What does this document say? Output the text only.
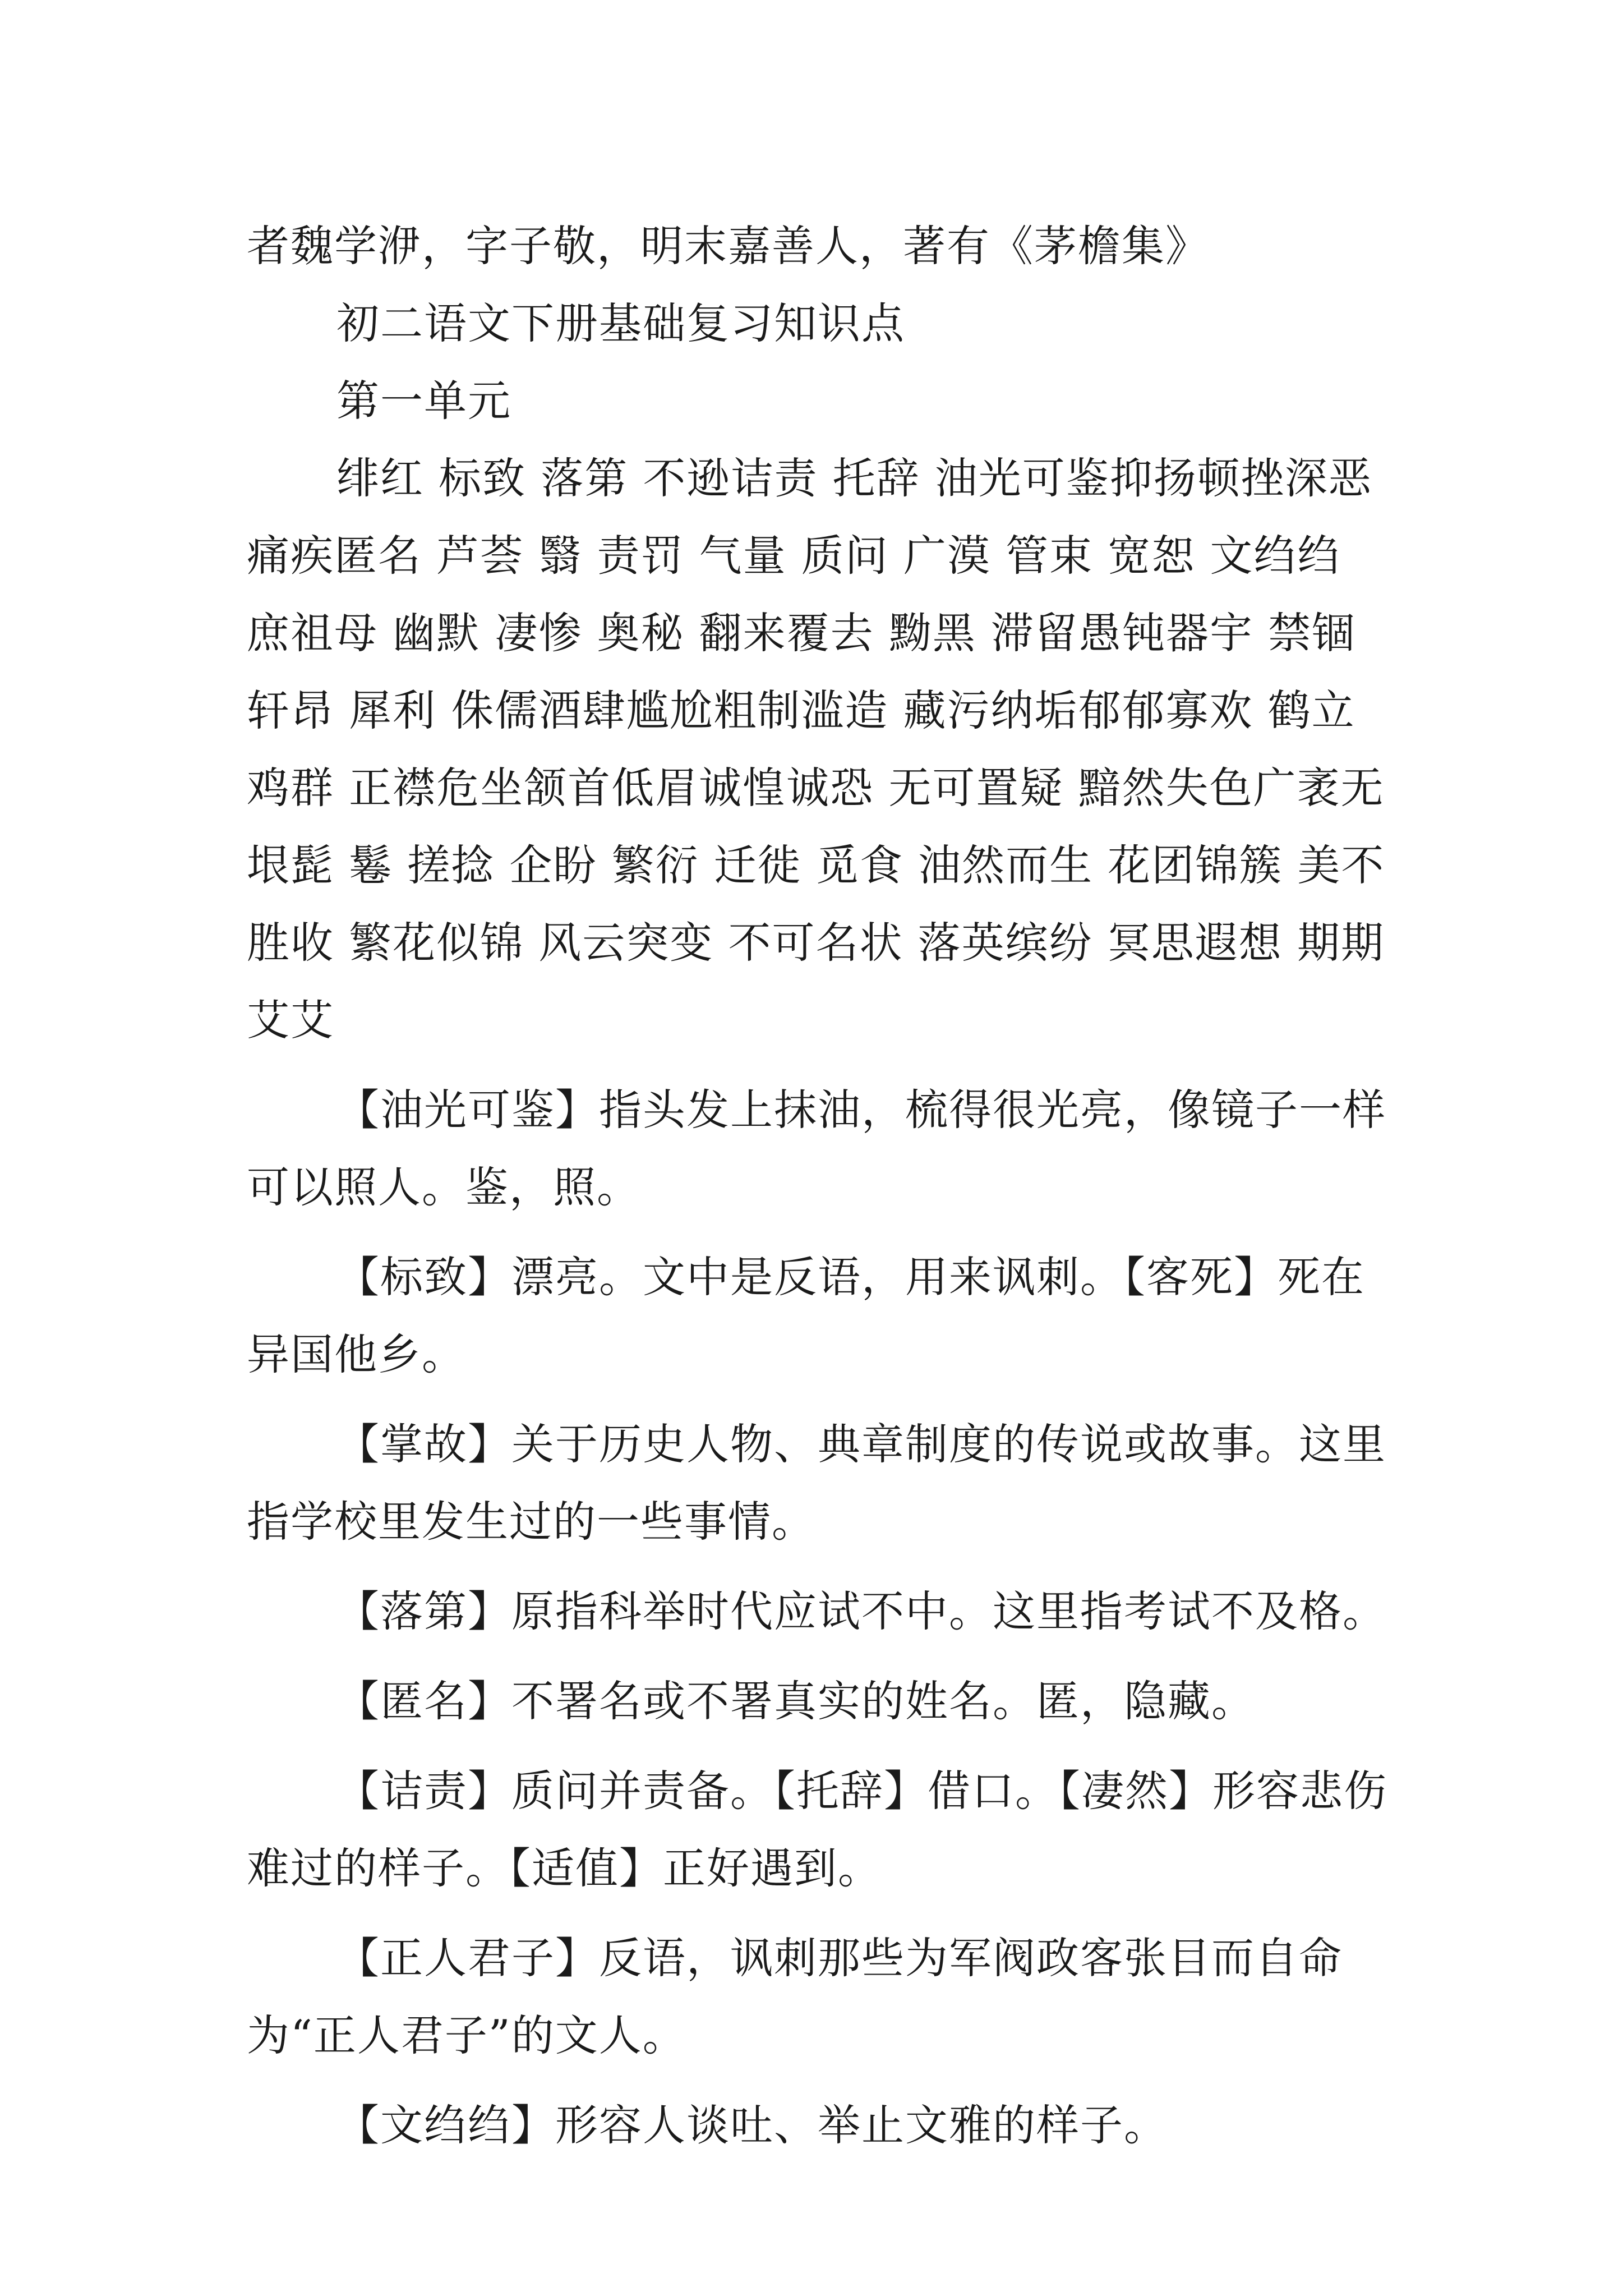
者魏学洢，字子敬，明末嘉善人，著有《茅檐集》

初二语文下册基础复习知识点

第一单元

绯红 标致 落第 不逊诘责 托辞 油光可鉴抑扬顿挫深恶痛疾匿名 芦荟 翳 责罚 气量 质问 广漠 管束 宽恕 文绉绉 庶祖母 幽默 凄惨 奥秘 翻来覆去 黝黑 滞留愚钝器宇 禁锢轩昂 犀利 侏儒酒肆尴尬粗制滥造 藏污纳垢郁郁寡欢 鹤立鸡群 正襟危坐颔首低眉诚惶诚恐 无可置疑 黯然失色广袤无垠髭 鬈 搓捻 企盼 繁衍 迁徙 觅食 油然而生 花团锦簇 美不胜收 繁花似锦 风云突变 不可名状 落英缤纷 冥思遐想 期期艾艾

【油光可鉴】指头发上抹油，梳得很光亮，像镜子一样可以照人。鉴，照。

【标致】漂亮。文中是反语，用来讽刺。【客死】死在异国他乡。

【掌故】关于历史人物、典章制度的传说或故事。这里指学校里发生过的一些事情。

【落第】原指科举时代应试不中。这里指考试不及格。

【匿名】不署名或不署真实的姓名。匿，隐藏。

【诘责】质问并责备。【托辞】借口。【凄然】形容悲伤难过的样子。【适值】正好遇到。

【正人君子】反语，讽刺那些为军阀政客张目而自命为“正人君子”的文人。

【文绉绉】形容人谈吐、举止文雅的样子。
